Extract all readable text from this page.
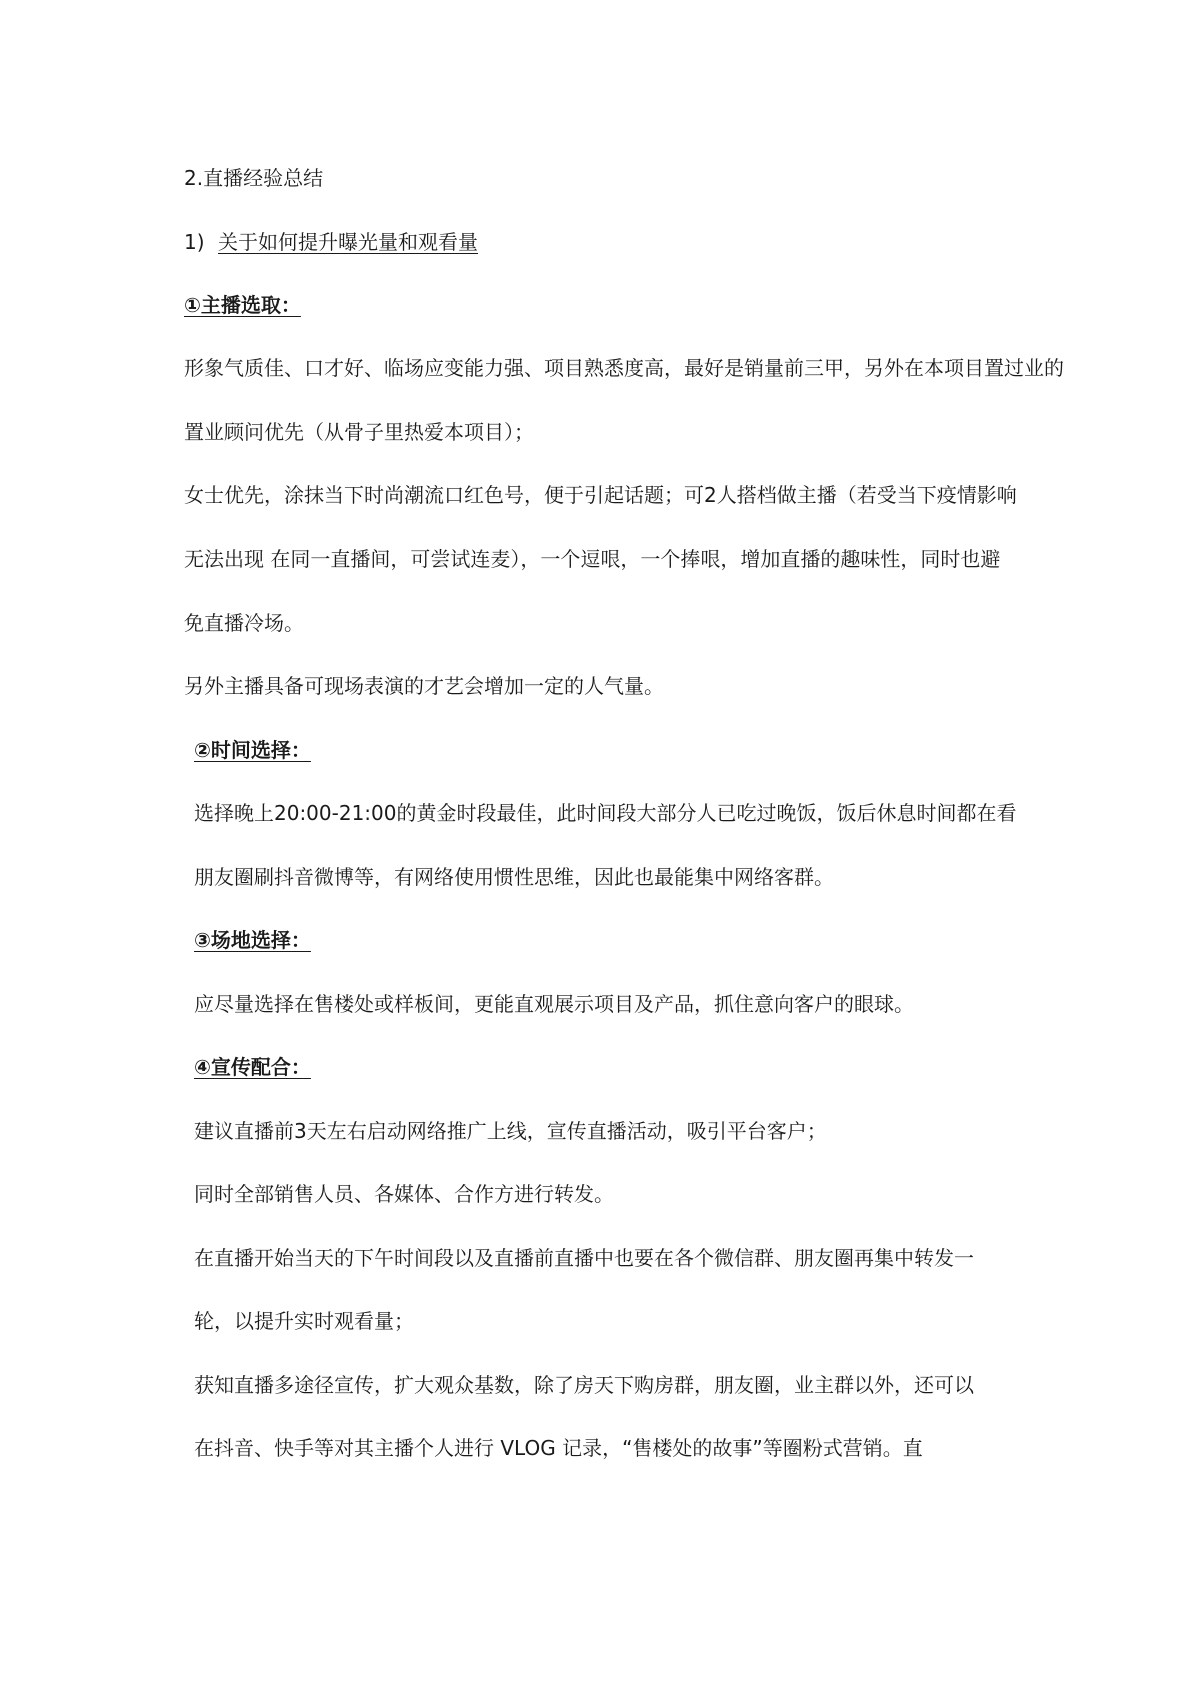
2.直播经验总结
1) 关于如何提升曝光量和观看量
①主播选取：
形象气质佳、口才好、临场应变能力强、项目熟悉度高，最好是销量前三甲，另外在本项目置过业的
置业顾问优先（从骨子里热爱本项目）；
女士优先，涂抹当下时尚潮流口红色号，便于引起话题；可2人搭档做主播（若受当下疫情影响
无法出现 在同一直播间，可尝试连麦），一个逗哏，一个捧哏，增加直播的趣味性，同时也避
免直播冷场。
另外主播具备可现场表演的才艺会增加一定的人气量。
②时间选择：
选择晚上20:00-21:00的黄金时段最佳，此时间段大部分人已吃过晚饭，饭后休息时间都在看
朋友圈刷抖音微博等，有网络使用惯性思维，因此也最能集中网络客群。
③场地选择：
应尽量选择在售楼处或样板间，更能直观展示项目及产品，抓住意向客户的眼球。
④宣传配合：
建议直播前3天左右启动网络推广上线，宣传直播活动，吸引平台客户；
同时全部销售人员、各媒体、合作方进行转发。
在直播开始当天的下午时间段以及直播前直播中也要在各个微信群、朋友圈再集中转发一
轮，以提升实时观看量；
获知直播多途径宣传，扩大观众基数，除了房天下购房群，朋友圈，业主群以外，还可以
在抖音、快手等对其主播个人进行 VLOG 记录，“售楼处的故事”等圈粉式营销。直
